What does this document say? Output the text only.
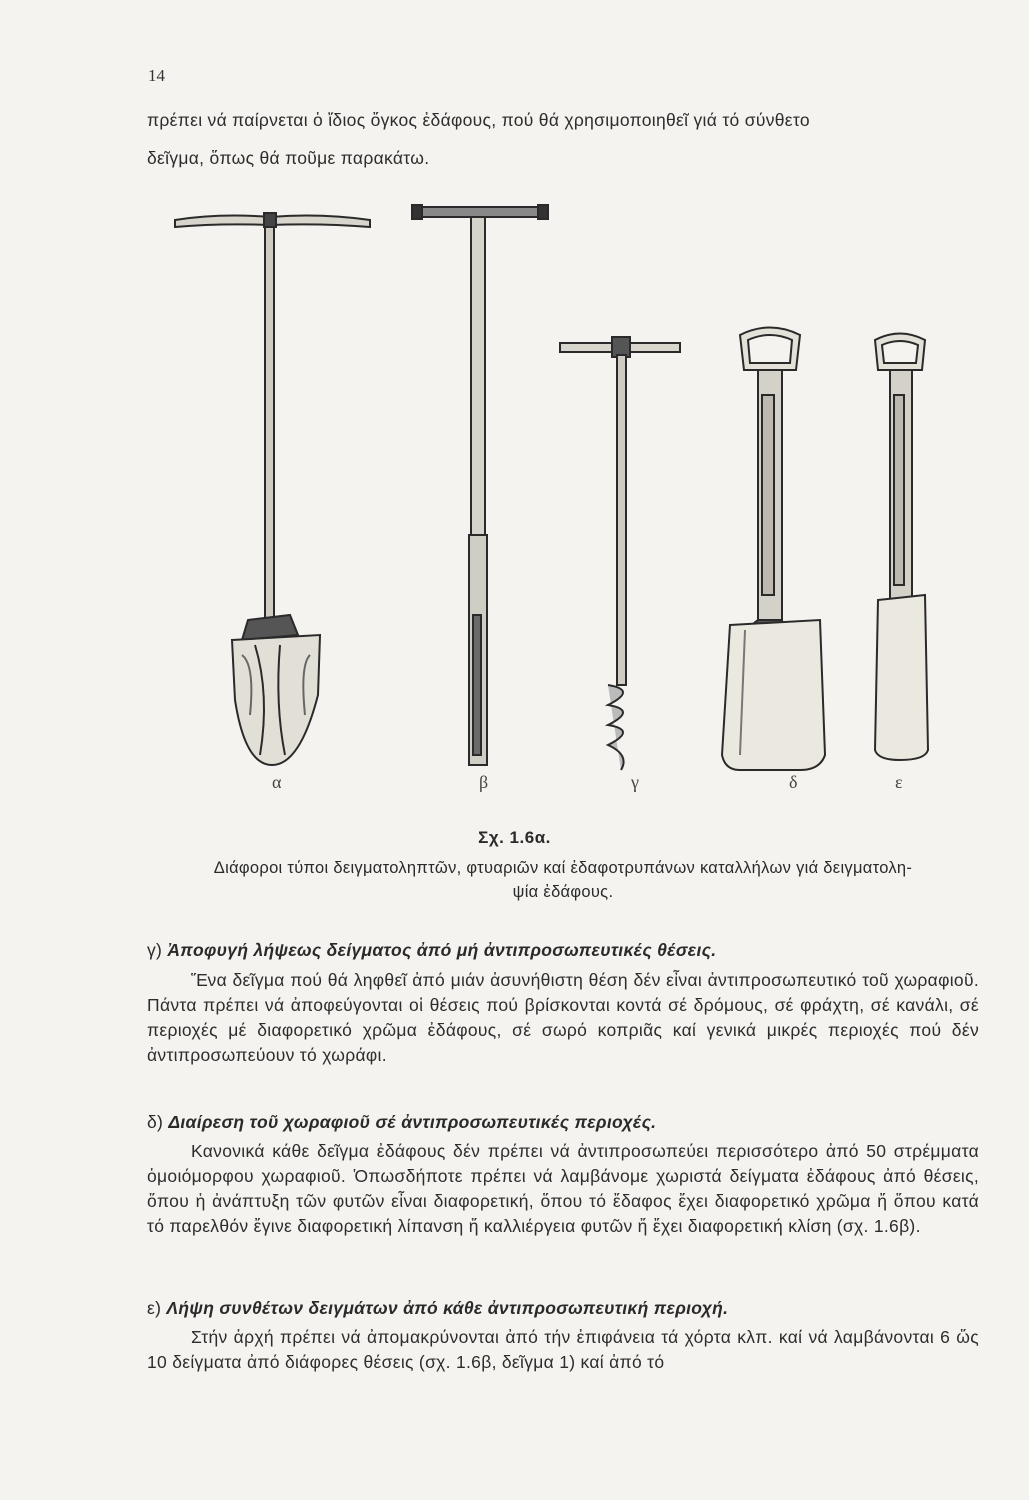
14

πρέπει νά παίρνεται ὁ ἴδιος ὄγκος ἐδάφους, πού θά χρησιμοποιηθεῖ γιά τό σύνθετο

δεῖγμα, ὅπως θά ποῦμε παρακάτω.

α	β	γ	δ	ε
Σχ. 1.6α.
Διάφοροι τύποι δειγματοληπτῶν, φτυαριῶν καί ἐδαφοτρυπάνων καταλλήλων γιά δειγματολη-
ψία ἐδάφους.

γ) Ἀποφυγή λήψεως δείγματος ἀπό μή ἀντιπροσωπευτικές θέσεις.

Ἕνα δεῖγμα πού θά ληφθεῖ ἀπό μιάν ἀσυνήθιστη θέση δέν εἶναι ἀντιπροσωπευτικό τοῦ χωραφιοῦ. Πάντα πρέπει νά ἀποφεύγονται οἱ θέσεις πού βρίσκονται κοντά σέ δρόμους, σέ φράχτη, σέ κανάλι, σέ περιοχές μέ διαφορετικό χρῶμα ἐδάφους, σέ σωρό κοπριᾶς καί γενικά μικρές περιοχές πού δέν ἀντιπροσωπεύουν τό χωράφι.

δ) Διαίρεση τοῦ χωραφιοῦ σέ ἀντιπροσωπευτικές περιοχές.

Κανονικά κάθε δεῖγμα ἐδάφους δέν πρέπει νά ἀντιπροσωπεύει περισσότερο ἀπό 50 στρέμματα ὁμοιόμορφου χωραφιοῦ. Ὁπωσδήποτε πρέπει νά λαμβάνομε χωριστά δείγματα ἐδάφους ἀπό θέσεις, ὅπου ἡ ἀνάπτυξη τῶν φυτῶν εἶναι διαφορετική, ὅπου τό ἔδαφος ἔχει διαφορετικό χρῶμα ἤ ὅπου κατά τό παρελθόν ἔγινε διαφορετική λίπανση ἤ καλλιέργεια φυτῶν ἤ ἔχει διαφορετική κλίση (σχ. 1.6β).

ε) Λήψη συνθέτων δειγμάτων ἀπό κάθε ἀντιπροσωπευτική περιοχή.

Στήν ἀρχή πρέπει νά ἀπομακρύνονται ἀπό τήν ἐπιφάνεια τά χόρτα κλπ. καί νά λαμβάνονται 6 ὥς 10 δείγματα ἀπό διάφορες θέσεις (σχ. 1.6β, δεῖγμα 1) καί ἀπό τό
